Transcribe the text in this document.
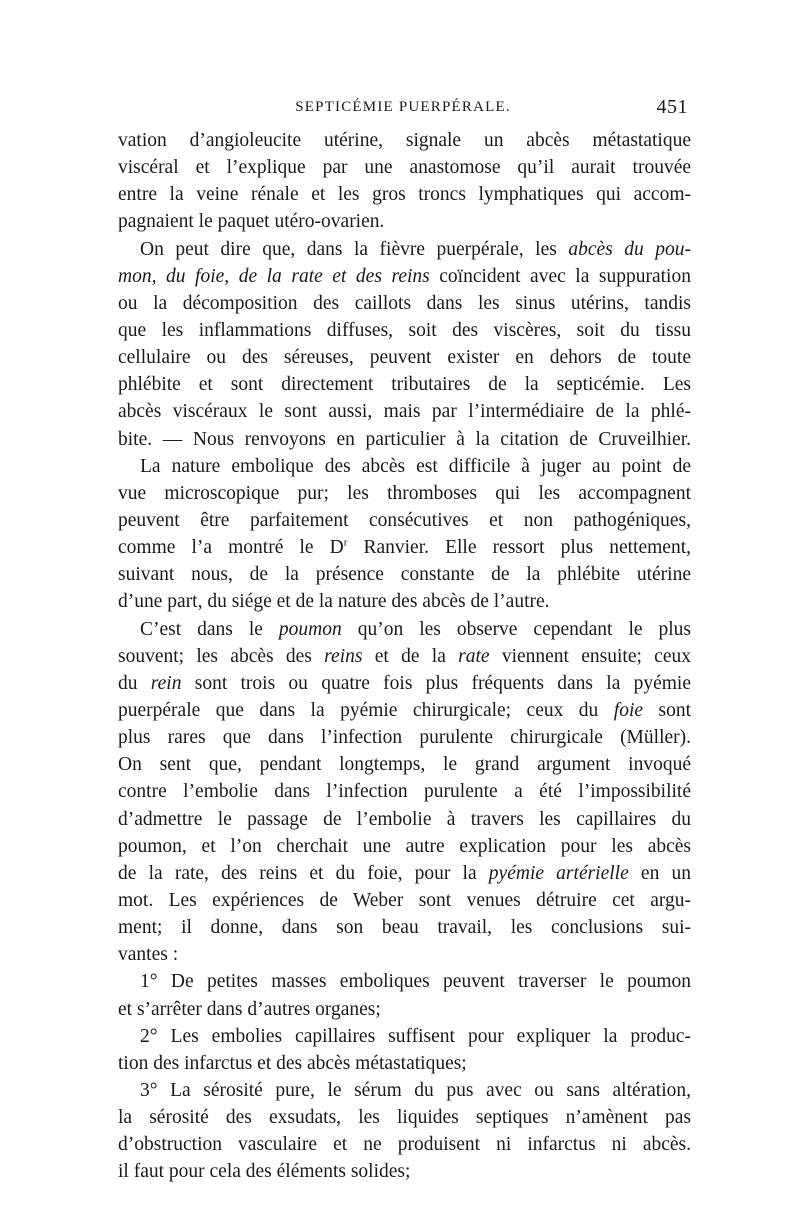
SEPTICÉMIE PUERPÉRALE.	451
vation d’angioleucite utérine, signale un abcès métastatique
viscéral et l’explique par une anastomose qu’il aurait trouvée
entre la veine rénale et les gros troncs lymphatiques qui accom-
pagnaient le paquet utéro-ovarien.
On peut dire que, dans la fièvre puerpérale, les abcès du pou-
mon, du foie, de la rate et des reins coïncident avec la suppuration
ou la décomposition des caillots dans les sinus utérins, tandis
que les inflammations diffuses, soit des viscères, soit du tissu
cellulaire ou des séreuses, peuvent exister en dehors de toute
phlébite et sont directement tributaires de la septicémie. Les
abcès viscéraux le sont aussi, mais par l’intermédiaire de la phlé-
bite. — Nous renvoyons en particulier à la citation de Cruveilhier.
La nature embolique des abcès est difficile à juger au point de
vue microscopique pur; les thromboses qui les accompagnent
peuvent être parfaitement consécutives et non pathogéniques,
comme l’a montré le $D^r$ Ranvier. Elle ressort plus nettement,
suivant nous, de la présence constante de la phlébite utérine
d’une part, du siége et de la nature des abcès de l’autre.
C’est dans le poumon qu’on les observe cependant le plus
souvent; les abcès des reins et de la rate viennent ensuite; ceux
du rein sont trois ou quatre fois plus fréquents dans la pyémie
puerpérale que dans la pyémie chirurgicale; ceux du foie sont
plus rares que dans l’infection purulente chirurgicale (Müller).
On sent que, pendant longtemps, le grand argument invoqué
contre l’embolie dans l’infection purulente a été l’impossibilité
d’admettre le passage de l’embolie à travers les capillaires du
poumon, et l’on cherchait une autre explication pour les abcès
de la rate, des reins et du foie, pour la pyémie artérielle en un
mot. Les expériences de Weber sont venues détruire cet argu-
ment; il donne, dans son beau travail, les conclusions sui-
vantes :
1° De petites masses emboliques peuvent traverser le poumon
et s’arrêter dans d’autres organes;
2° Les embolies capillaires suffisent pour expliquer la produc-
tion des infarctus et des abcès métastatiques;
3° La sérosité pure, le sérum du pus avec ou sans altération,
la sérosité des exsudats, les liquides septiques n’amènent pas
d’obstruction vasculaire et ne produisent ni infarctus ni abcès.
il faut pour cela des éléments solides;
